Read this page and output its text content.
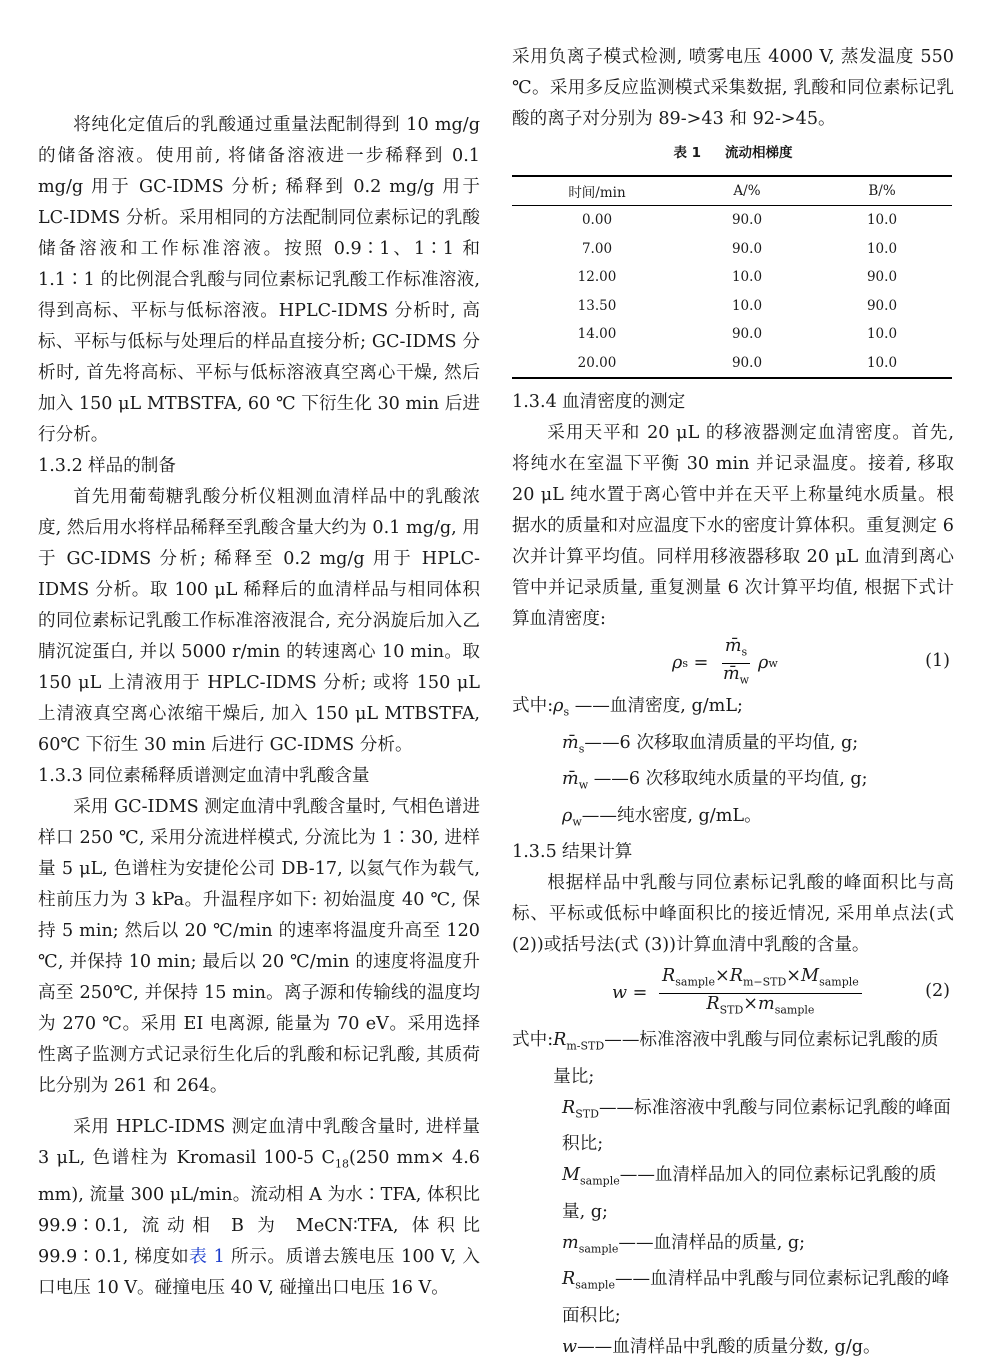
将纯化定值后的乳酸通过重量法配制得到 10 mg/g 的储备溶液。使用前, 将储备溶液进一步稀释到 0.1 mg/g 用于 GC-IDMS 分析; 稀释到 0.2 mg/g 用于 LC-IDMS 分析。采用相同的方法配制同位素标记的乳酸储备溶液和工作标准溶液。按照 0.9∶1、1∶1 和 1.1∶1 的比例混合乳酸与同位素标记乳酸工作标准溶液, 得到高标、平标与低标溶液。HPLC-IDMS 分析时, 高标、平标与低标与处理后的样品直接分析; GC-IDMS 分析时, 首先将高标、平标与低标溶液真空离心干燥, 然后加入 150 μL MTBSTFA, 60 ℃ 下衍生化 30 min 后进行分析。

1.3.2 样品的制备

首先用葡萄糖乳酸分析仪粗测血清样品中的乳酸浓度, 然后用水将样品稀释至乳酸含量大约为 0.1 mg/g, 用于 GC-IDMS 分析; 稀释至 0.2 mg/g 用于 HPLC-IDMS 分析。取 100 μL 稀释后的血清样品与相同体积的同位素标记乳酸工作标准溶液混合, 充分涡旋后加入乙腈沉淀蛋白, 并以 5000 r/min 的转速离心 10 min。取 150 μL 上清液用于 HPLC-IDMS 分析; 或将 150 μL 上清液真空离心浓缩干燥后, 加入 150 μL MTBSTFA, 60℃ 下衍生 30 min 后进行 GC-IDMS 分析。

1.3.3 同位素稀释质谱测定血清中乳酸含量

采用 GC-IDMS 测定血清中乳酸含量时, 气相色谱进样口 250 ℃, 采用分流进样模式, 分流比为 1∶30, 进样量 5 μL, 色谱柱为安捷伦公司 DB-17, 以氦气作为载气, 柱前压力为 3 kPa。升温程序如下: 初始温度 40 ℃, 保持 5 min; 然后以 20 ℃/min 的速率将温度升高至 120 ℃, 并保持 10 min; 最后以 20 ℃/min 的速度将温度升高至 250℃, 并保持 15 min。离子源和传输线的温度均为 270 ℃。采用 EI 电离源, 能量为 70 eV。采用选择性离子监测方式记录衍生化后的乳酸和标记乳酸, 其质荷比分别为 261 和 264。

采用 HPLC-IDMS 测定血清中乳酸含量时, 进样量 3 μL, 色谱柱为 Kromasil 100-5 $C_{18}(250$ mm× 4.6 mm), 流量 300 μL/min。流动相 A 为水∶TFA, 体积比 99.9∶0.1, 流动相 B 为 MeCN∶TFA, 体积比 99.9∶0.1, 梯度如表 1 所示。质谱去簇电压 100 V, 入口电压 10 V。碰撞电压 40 V, 碰撞出口电压 16 V。

采用负离子模式检测, 喷雾电压 4000 V, 蒸发温度 550 ℃。采用多反应监测模式采集数据, 乳酸和同位素标记乳酸的离子对分别为 89->43 和 92->45。

表 1 流动相梯度
时间/min	A/%	B/%
0.00	90.0	10.0
7.00	90.0	10.0
12.00	10.0	90.0
13.50	10.0	90.0
14.00	90.0	10.0
20.00	90.0	10.0

1.3.4 血清密度的测定

采用天平和 20 μL 的移液器测定血清密度。首先, 将纯水在室温下平衡 30 min 并记录温度。接着, 移取 20 μL 纯水置于离心管中并在天平上称量纯水质量。根据水的质量和对应温度下水的密度计算体积。重复测定 6 次并计算平均值。同样用移液器移取 20 μL 血清到离心管中并记录质量, 重复测量 6 次计算平均值, 根据下式计算血清密度:

ρ $s = \frac{m̄_s}{m̄_w}$ ρ w	(1)

式中$:\rho_s$ ——血清密度, g/mL;

$m̄_s——6$ 次移取血清质量的平均值, g;

$m̄_w$ ——6 次移取纯水质量的平均值, g;

$\rho_w——$纯水密度, g/mL。

1.3.5 结果计算

根据样品中乳酸与同位素标记乳酸的峰面积比与高标、平标或低标中峰面积比的接近情况, 采用单点法(式 (2))或括号法(式 (3))计算血清中乳酸的含量。

$w = \frac{R_{sample}\times R_{m-STD}\times M_{sample}}{R_{STD}\times m_{sample}}$	(2)

式中: $R_{m-STD}——$标准溶液中乳酸与同位素标记乳酸的质量比;

$R_{STD}——$标准溶液中乳酸与同位素标记乳酸的峰面积比;

$M_{sample}——$血清样品加入的同位素标记乳酸的质量, g;

$m_{sample}——$血清样品的质量, g;

$R_{sample}——$血清样品中乳酸与同位素标记乳酸的峰面积比;

w——血清样品中乳酸的质量分数, g/g。
